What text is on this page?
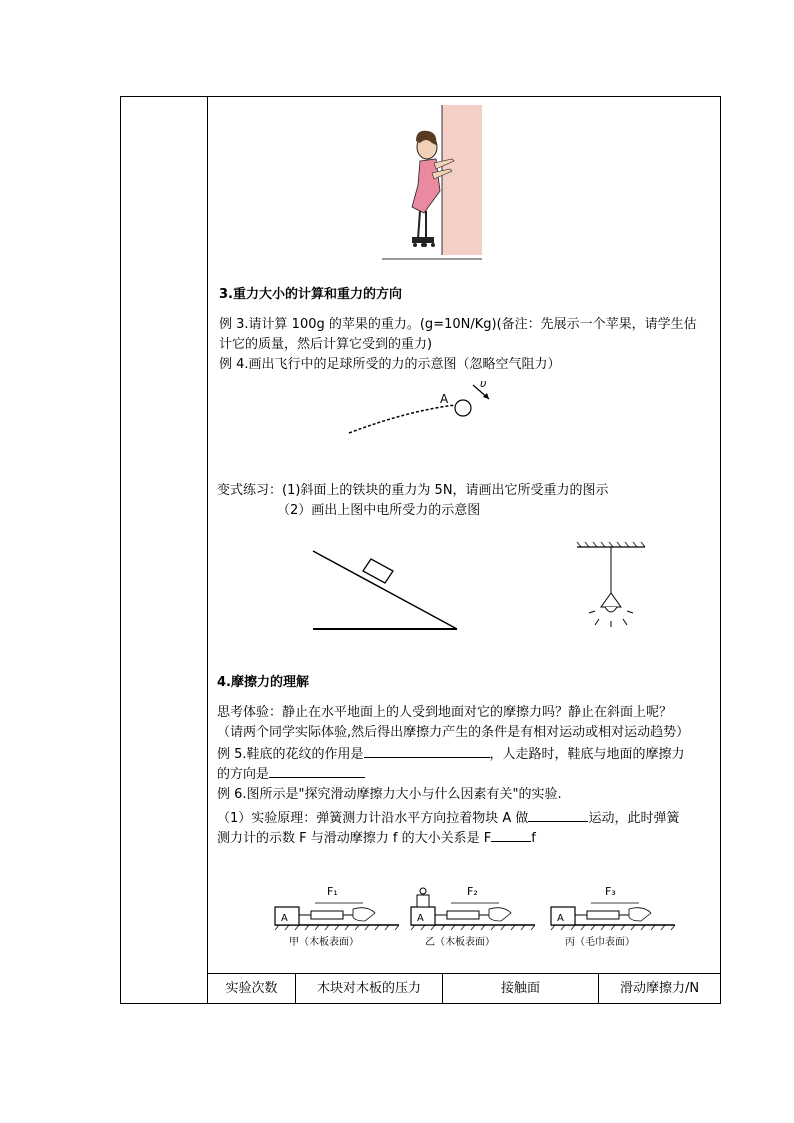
3.重力大小的计算和重力的方向
例 3.请计算 100g 的苹果的重力。(g=10N/Kg)(备注：先展示一个苹果，请学生估
计它的质量，然后计算它受到的重力)
例 4.画出飞行中的足球所受的力的示意图（忽略空气阻力）
A
υ
变式练习：(1)斜面上的铁块的重力为 5N，请画出它所受重力的图示
（2）画出上图中电所受力的示意图
4.摩擦力的理解
思考体验：静止在水平地面上的人受到地面对它的摩擦力吗？静止在斜面上呢？
（请两个同学实际体验,然后得出摩擦力产生的条件是有相对运动或相对运动趋势）
例 5.鞋底的花纹的作用是	，人走路时，鞋底与地面的摩擦力
的方向是
例 6.图所示是"探究滑动摩擦力大小与什么因素有关"的实验.
（1）实验原理：弹簧测力计沿水平方向拉着物块 A 做	运动，此时弹簧
测力计的示数 F 与滑动摩擦力 f 的大小关系是 F	f
A
F₁
甲（木板表面）
A
F₂
乙（木板表面）
A
F₃
丙（毛巾表面）
实验次数	木块对木板的压力	接触面	滑动摩擦力/N
